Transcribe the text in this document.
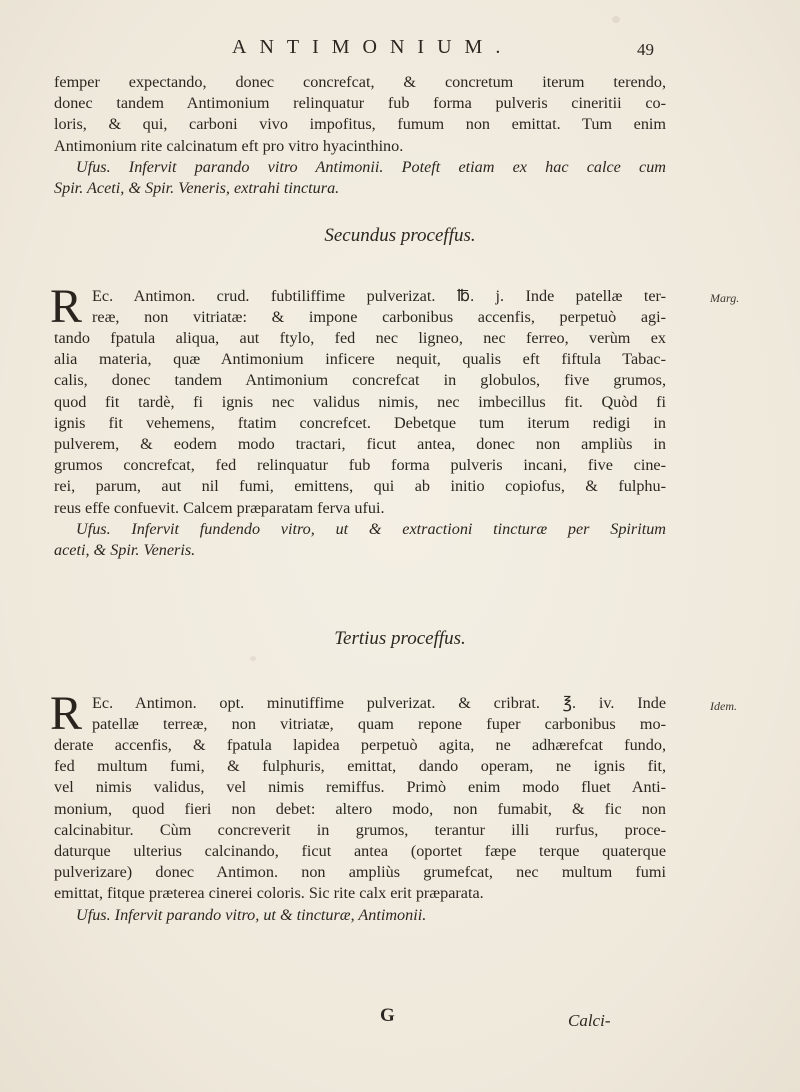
ANTIMONIUM.	49
femper expectando, donec concrefcat, & concretum iterum terendo,
donec tandem Antimonium relinquatur fub forma pulveris cineritii co-
loris, & qui, carboni vivo impofitus, fumum non emittat. Tum enim
Antimonium rite calcinatum eft pro vitro hyacinthino.
Ufus. Infervit parando vitro Antimonii. Poteft etiam ex hac calce cum
Spir. Aceti, & Spir. Veneris, extrahi tinctura.
Secundus proceffus.
R	Marg.
Ec. Antimon. crud. fubtiliffime pulverizat. ℔. j. Inde patellæ ter-
reæ, non vitriatæ: & impone carbonibus accenfis, perpetuò agi-
tando fpatula aliqua, aut ftylo, fed nec ligneo, nec ferreo, verùm ex
alia materia, quæ Antimonium inficere nequit, qualis eft fiftula Tabac-
calis, donec tandem Antimonium concrefcat in globulos, five grumos,
quod fit tardè, fi ignis nec validus nimis, nec imbecillus fit. Quòd fi
ignis fit vehemens, ftatim concrefcet. Debetque tum iterum redigi in
pulverem, & eodem modo tractari, ficut antea, donec non ampliùs in
grumos concrefcat, fed relinquatur fub forma pulveris incani, five cine-
rei, parum, aut nil fumi, emittens, qui ab initio copiofus, & fulphu-
reus effe confuevit. Calcem præparatam ferva ufui.
Ufus. Infervit fundendo vitro, ut & extractioni tincturæ per Spiritum
aceti, & Spir. Veneris.
Tertius proceffus.
R	Idem.
Ec. Antimon. opt. minutiffime pulverizat. & cribrat. ℥. iv. Inde
patellæ terreæ, non vitriatæ, quam repone fuper carbonibus mo-
derate accenfis, & fpatula lapidea perpetuò agita, ne adhærefcat fundo,
fed multum fumi, & fulphuris, emittat, dando operam, ne ignis fit,
vel nimis validus, vel nimis remiffus. Primò enim modo fluet Anti-
monium, quod fieri non debet: altero modo, non fumabit, & fic non
calcinabitur. Cùm concreverit in grumos, terantur illi rurfus, proce-
daturque ulterius calcinando, ficut antea (oportet fæpe terque quaterque
pulverizare) donec Antimon. non ampliùs grumefcat, nec multum fumi
emittat, fitque præterea cinerei coloris. Sic rite calx erit præparata.
Ufus. Infervit parando vitro, ut & tincturæ, Antimonii.
G	Calci-
